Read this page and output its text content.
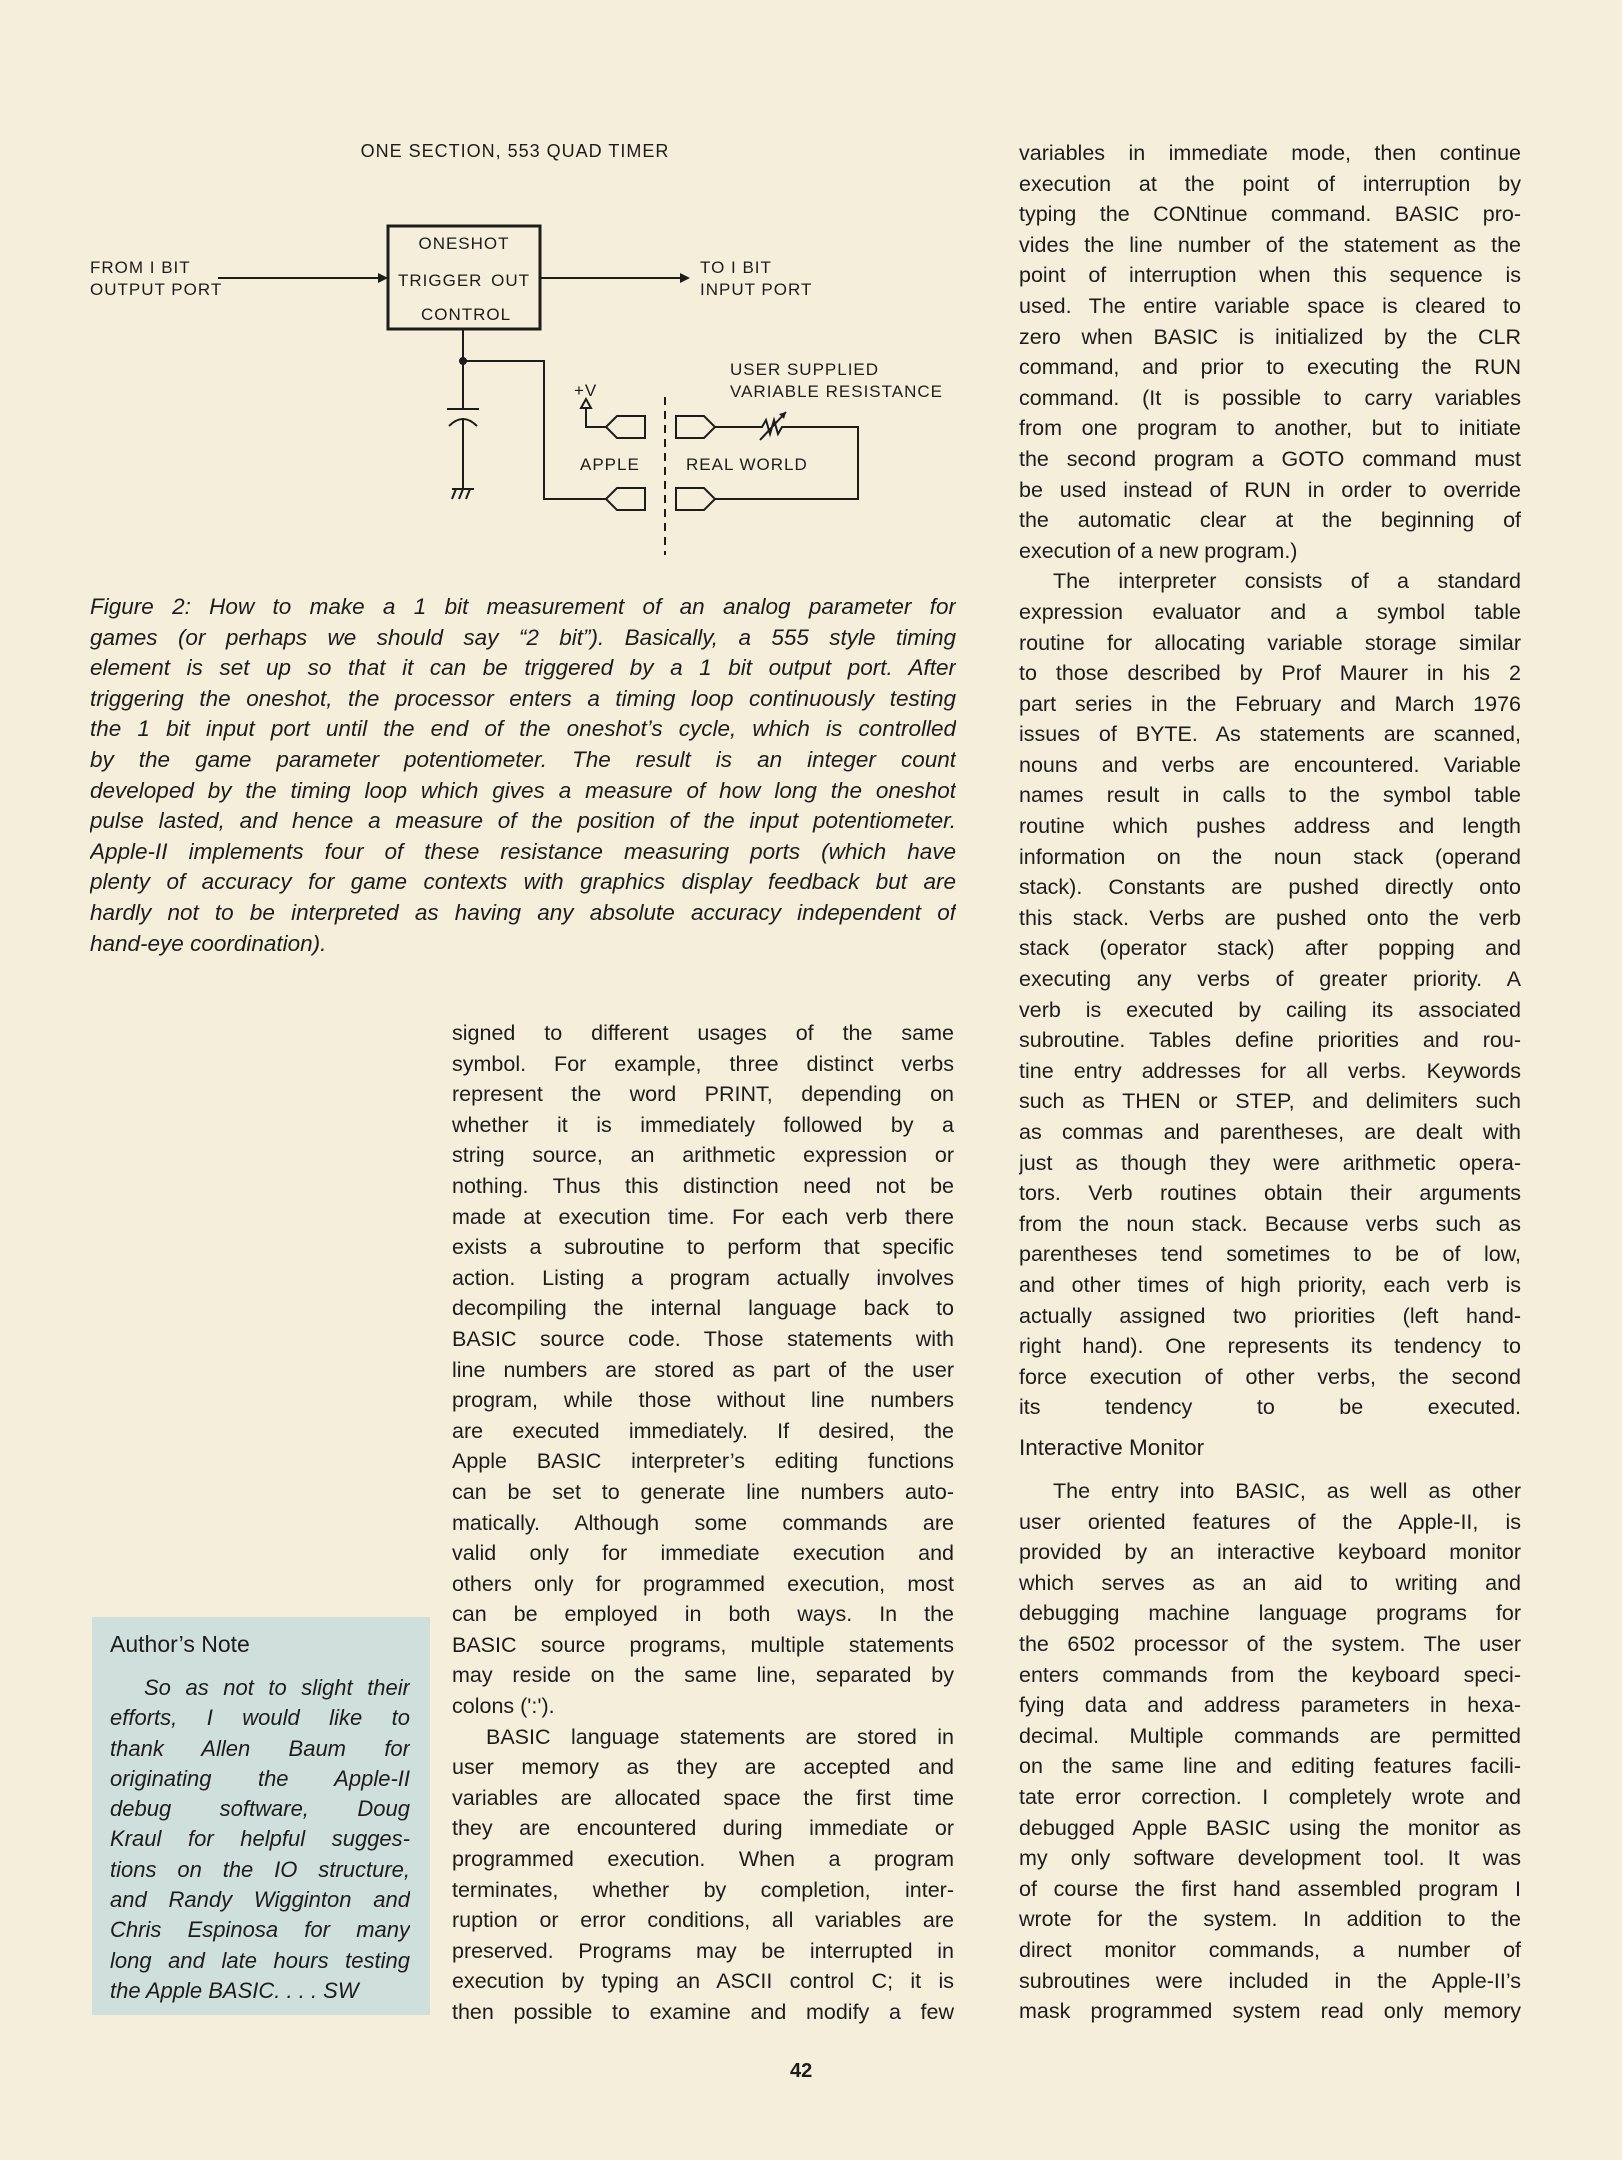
ONE SECTION, 553 QUAD TIMER
ONESHOT
TRIGGER OUT
CONTROL
FROM I BIT
OUTPUT PORT
TO I BIT
INPUT PORT
+V
USER SUPPLIED
VARIABLE RESISTANCE
APPLE	REAL WORLD
Figure 2: How to make a 1 bit measurement of an analog parameter for
games (or perhaps we should say “2 bit”). Basically, a 555 style timing
element is set up so that it can be triggered by a 1 bit output port. After
triggering the oneshot, the processor enters a timing loop continuously testing
the 1 bit input port until the end of the oneshot’s cycle, which is controlled
by the game parameter potentiometer. The result is an integer count
developed by the timing loop which gives a measure of how long the oneshot
pulse lasted, and hence a measure of the position of the input potentiometer.
Apple-II implements four of these resistance measuring ports (which have
plenty of accuracy for game contexts with graphics display feedback but are
hardly not to be interpreted as having any absolute accuracy independent of
hand-eye coordination).
signed to different usages of the same
symbol. For example, three distinct verbs
represent the word PRINT, depending on
whether it is immediately followed by a
string source, an arithmetic expression or
nothing. Thus this distinction need not be
made at execution time. For each verb there
exists a subroutine to perform that specific
action. Listing a program actually involves
decompiling the internal language back to
BASIC source code. Those statements with
line numbers are stored as part of the user
program, while those without line numbers
are executed immediately. If desired, the
Apple BASIC interpreter’s editing functions
can be set to generate line numbers auto-
matically. Although some commands are
valid only for immediate execution and
others only for programmed execution, most
can be employed in both ways. In the
BASIC source programs, multiple statements
may reside on the same line, separated by
colons (':').
BASIC language statements are stored in
user memory as they are accepted and
variables are allocated space the first time
they are encountered during immediate or
programmed execution. When a program
terminates, whether by completion, inter-
ruption or error conditions, all variables are
preserved. Programs may be interrupted in
execution by typing an ASCII control C; it is
then possible to examine and modify a few
variables in immediate mode, then continue
execution at the point of interruption by
typing the CONtinue command. BASIC pro-
vides the line number of the statement as the
point of interruption when this sequence is
used. The entire variable space is cleared to
zero when BASIC is initialized by the CLR
command, and prior to executing the RUN
command. (It is possible to carry variables
from one program to another, but to initiate
the second program a GOTO command must
be used instead of RUN in order to override
the automatic clear at the beginning of
execution of a new program.)
The interpreter consists of a standard
expression evaluator and a symbol table
routine for allocating variable storage similar
to those described by Prof Maurer in his 2
part series in the February and March 1976
issues of BYTE. As statements are scanned,
nouns and verbs are encountered. Variable
names result in calls to the symbol table
routine which pushes address and length
information on the noun stack (operand
stack). Constants are pushed directly onto
this stack. Verbs are pushed onto the verb
stack (operator stack) after popping and
executing any verbs of greater priority. A
verb is executed by cailing its associated
subroutine. Tables define priorities and rou-
tine entry addresses for all verbs. Keywords
such as THEN or STEP, and delimiters such
as commas and parentheses, are dealt with
just as though they were arithmetic opera-
tors. Verb routines obtain their arguments
from the noun stack. Because verbs such as
parentheses tend sometimes to be of low,
and other times of high priority, each verb is
actually assigned two priorities (left hand-
right hand). One represents its tendency to
force execution of other verbs, the second
its tendency to be executed.
Interactive Monitor
The entry into BASIC, as well as other
user oriented features of the Apple-II, is
provided by an interactive keyboard monitor
which serves as an aid to writing and
debugging machine language programs for
the 6502 processor of the system. The user
enters commands from the keyboard speci-
fying data and address parameters in hexa-
decimal. Multiple commands are permitted
on the same line and editing features facili-
tate error correction. I completely wrote and
debugged Apple BASIC using the monitor as
my only software development tool. It was
of course the first hand assembled program I
wrote for the system. In addition to the
direct monitor commands, a number of
subroutines were included in the Apple-II’s
mask programmed system read only memory
Author’s Note
So as not to slight their
efforts, I would like to
thank Allen Baum for
originating the Apple-II
debug software, Doug
Kraul for helpful sugges-
tions on the IO structure,
and Randy Wigginton and
Chris Espinosa for many
long and late hours testing
the Apple BASIC. . . . SW
42
